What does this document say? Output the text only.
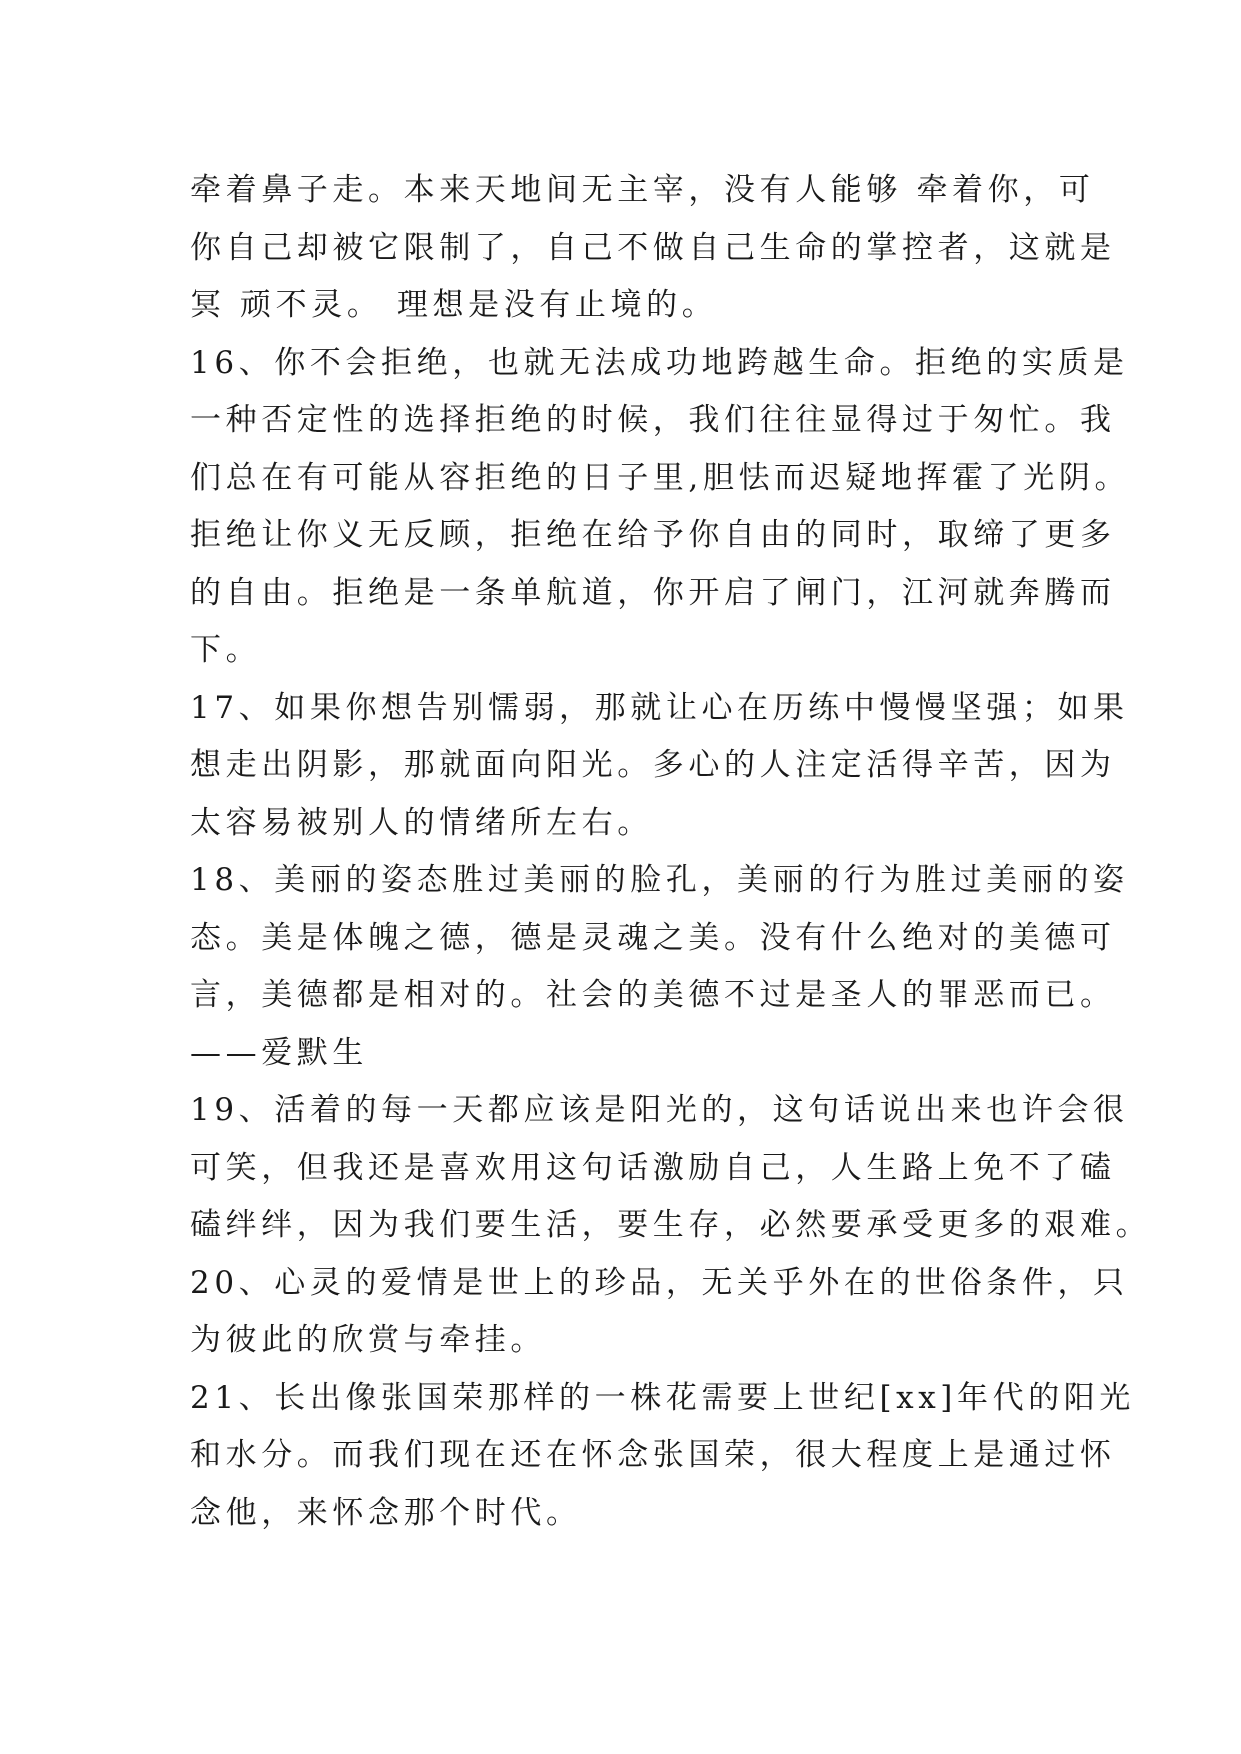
牵着鼻子走。本来天地间无主宰，没有人能够 牵着你，可
你自己却被它限制了，自己不做自己生命的掌控者，这就是
冥 顽不灵。 理想是没有止境的。
16、你不会拒绝，也就无法成功地跨越生命。拒绝的实质是
一种否定性的选择拒绝的时候，我们往往显得过于匆忙。我
们总在有可能从容拒绝的日子里,胆怯而迟疑地挥霍了光阴。
拒绝让你义无反顾，拒绝在给予你自由的同时，取缔了更多
的自由。拒绝是一条单航道，你开启了闸门，江河就奔腾而
下。
17、如果你想告别懦弱，那就让心在历练中慢慢坚强；如果
想走出阴影，那就面向阳光。多心的人注定活得辛苦，因为
太容易被别人的情绪所左右。
18、美丽的姿态胜过美丽的脸孔，美丽的行为胜过美丽的姿
态。美是体魄之德，德是灵魂之美。没有什么绝对的美德可
言，美德都是相对的。社会的美德不过是圣人的罪恶而已。
——爱默生
19、活着的每一天都应该是阳光的，这句话说出来也许会很
可笑，但我还是喜欢用这句话激励自己，人生路上免不了磕
磕绊绊，因为我们要生活，要生存，必然要承受更多的艰难。
20、心灵的爱情是世上的珍品，无关乎外在的世俗条件，只
为彼此的欣赏与牵挂。
21、长出像张国荣那样的一株花需要上世纪[xx]年代的阳光
和水分。而我们现在还在怀念张国荣，很大程度上是通过怀
念他，来怀念那个时代。
